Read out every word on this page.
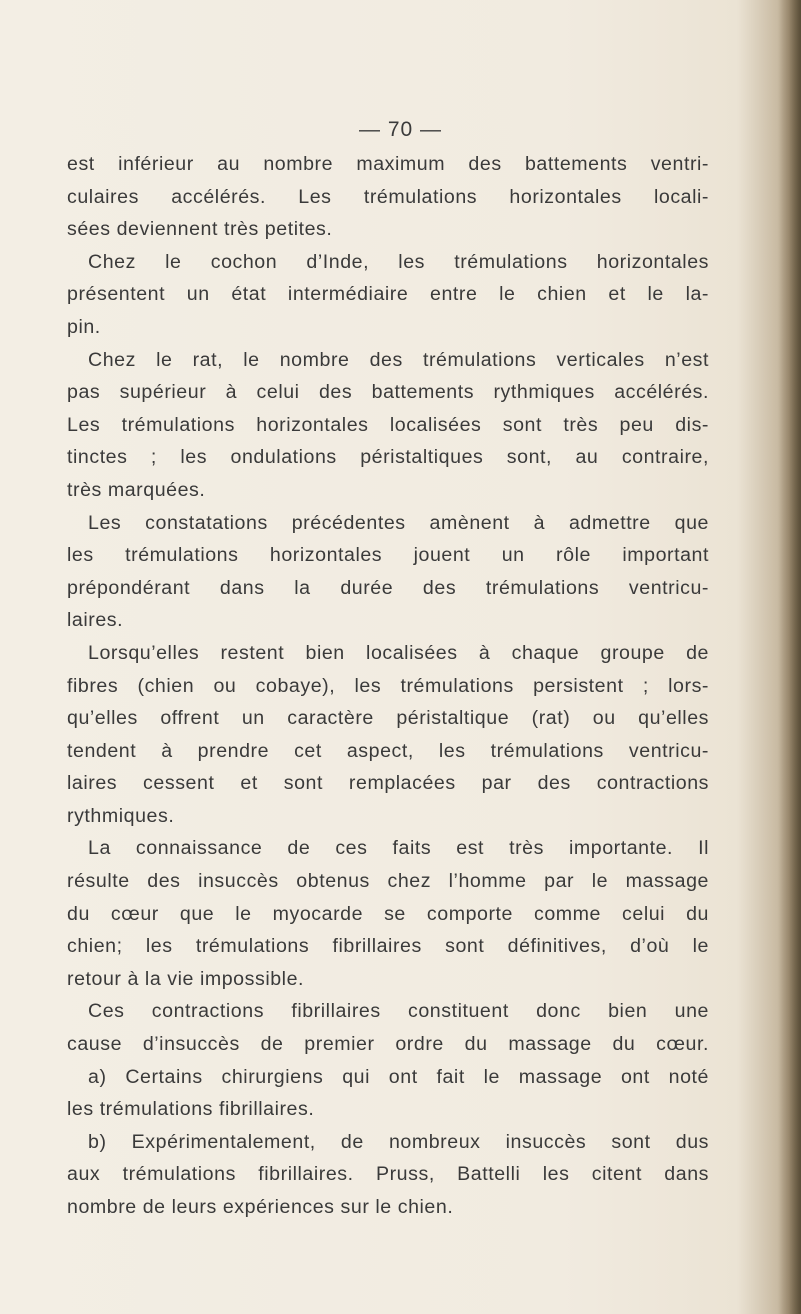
— 70 —
est inférieur au nombre maximum des battements ventri-
culaires accélérés. Les trémulations horizontales locali-
sées deviennent très petites.
Chez le cochon d’Inde, les trémulations horizontales
présentent un état intermédiaire entre le chien et le la-
pin.
Chez le rat, le nombre des trémulations verticales n’est
pas supérieur à celui des battements rythmiques accélérés.
Les trémulations horizontales localisées sont très peu dis-
tinctes ; les ondulations péristaltiques sont, au contraire,
très marquées.
Les constatations précédentes amènent à admettre que
les trémulations horizontales jouent un rôle important
prépondérant dans la durée des trémulations ventricu-
laires.
Lorsqu’elles restent bien localisées à chaque groupe de
fibres (chien ou cobaye), les trémulations persistent ; lors-
qu’elles offrent un caractère péristaltique (rat) ou qu’elles
tendent à prendre cet aspect, les trémulations ventricu-
laires cessent et sont remplacées par des contractions
rythmiques.
La connaissance de ces faits est très importante. Il
résulte des insuccès obtenus chez l’homme par le massage
du cœur que le myocarde se comporte comme celui du
chien; les trémulations fibrillaires sont définitives, d’où le
retour à la vie impossible.
Ces contractions fibrillaires constituent donc bien une
cause d’insuccès de premier ordre du massage du cœur.
a) Certains chirurgiens qui ont fait le massage ont noté
les trémulations fibrillaires.
b) Expérimentalement, de nombreux insuccès sont dus
aux trémulations fibrillaires. Pruss, Battelli les citent dans
nombre de leurs expériences sur le chien.
